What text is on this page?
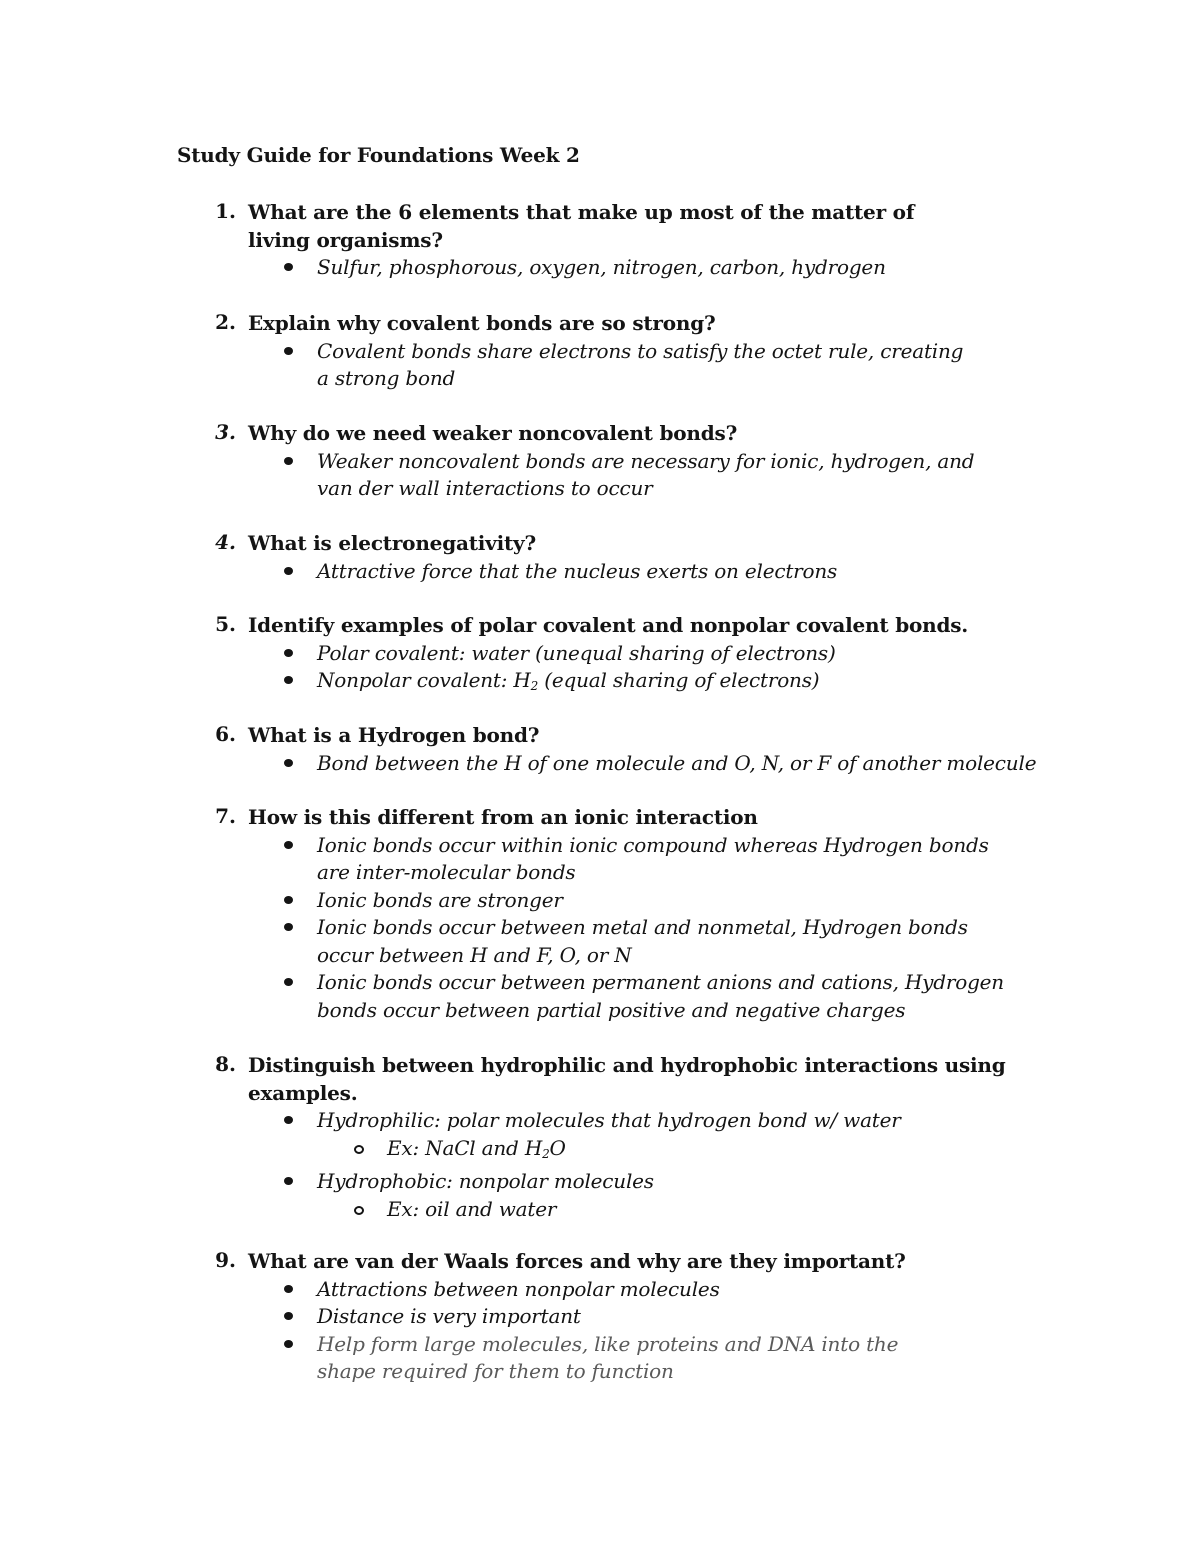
Study Guide for Foundations Week 2
1. What are the 6 elements that make up most of the matter of living organisms?
Sulfur, phosphorous, oxygen, nitrogen, carbon, hydrogen
2. Explain why covalent bonds are so strong?
Covalent bonds share electrons to satisfy the octet rule, creating a strong bond
3. Why do we need weaker noncovalent bonds?
Weaker noncovalent bonds are necessary for ionic, hydrogen, and van der wall interactions to occur
4. What is electronegativity?
Attractive force that the nucleus exerts on electrons
5. Identify examples of polar covalent and nonpolar covalent bonds.
Polar covalent: water (unequal sharing of electrons)
Nonpolar covalent: $H_2$ (equal sharing of electrons)
6. What is a Hydrogen bond?
Bond between the H of one molecule and O, N, or F of another molecule
7. How is this different from an ionic interaction
Ionic bonds occur within ionic compound whereas Hydrogen bonds are inter-molecular bonds
Ionic bonds are stronger
Ionic bonds occur between metal and nonmetal, Hydrogen bonds occur between H and F, O, or N
Ionic bonds occur between permanent anions and cations, Hydrogen bonds occur between partial positive and negative charges
8. Distinguish between hydrophilic and hydrophobic interactions using examples.
Hydrophilic: polar molecules that hydrogen bond w/ water
Ex: NaCl and $H_2O$
Hydrophobic: nonpolar molecules
Ex: oil and water
9. What are van der Waals forces and why are they important?
Attractions between nonpolar molecules
Distance is very important
Help form large molecules, like proteins and DNA into the shape required for them to function
